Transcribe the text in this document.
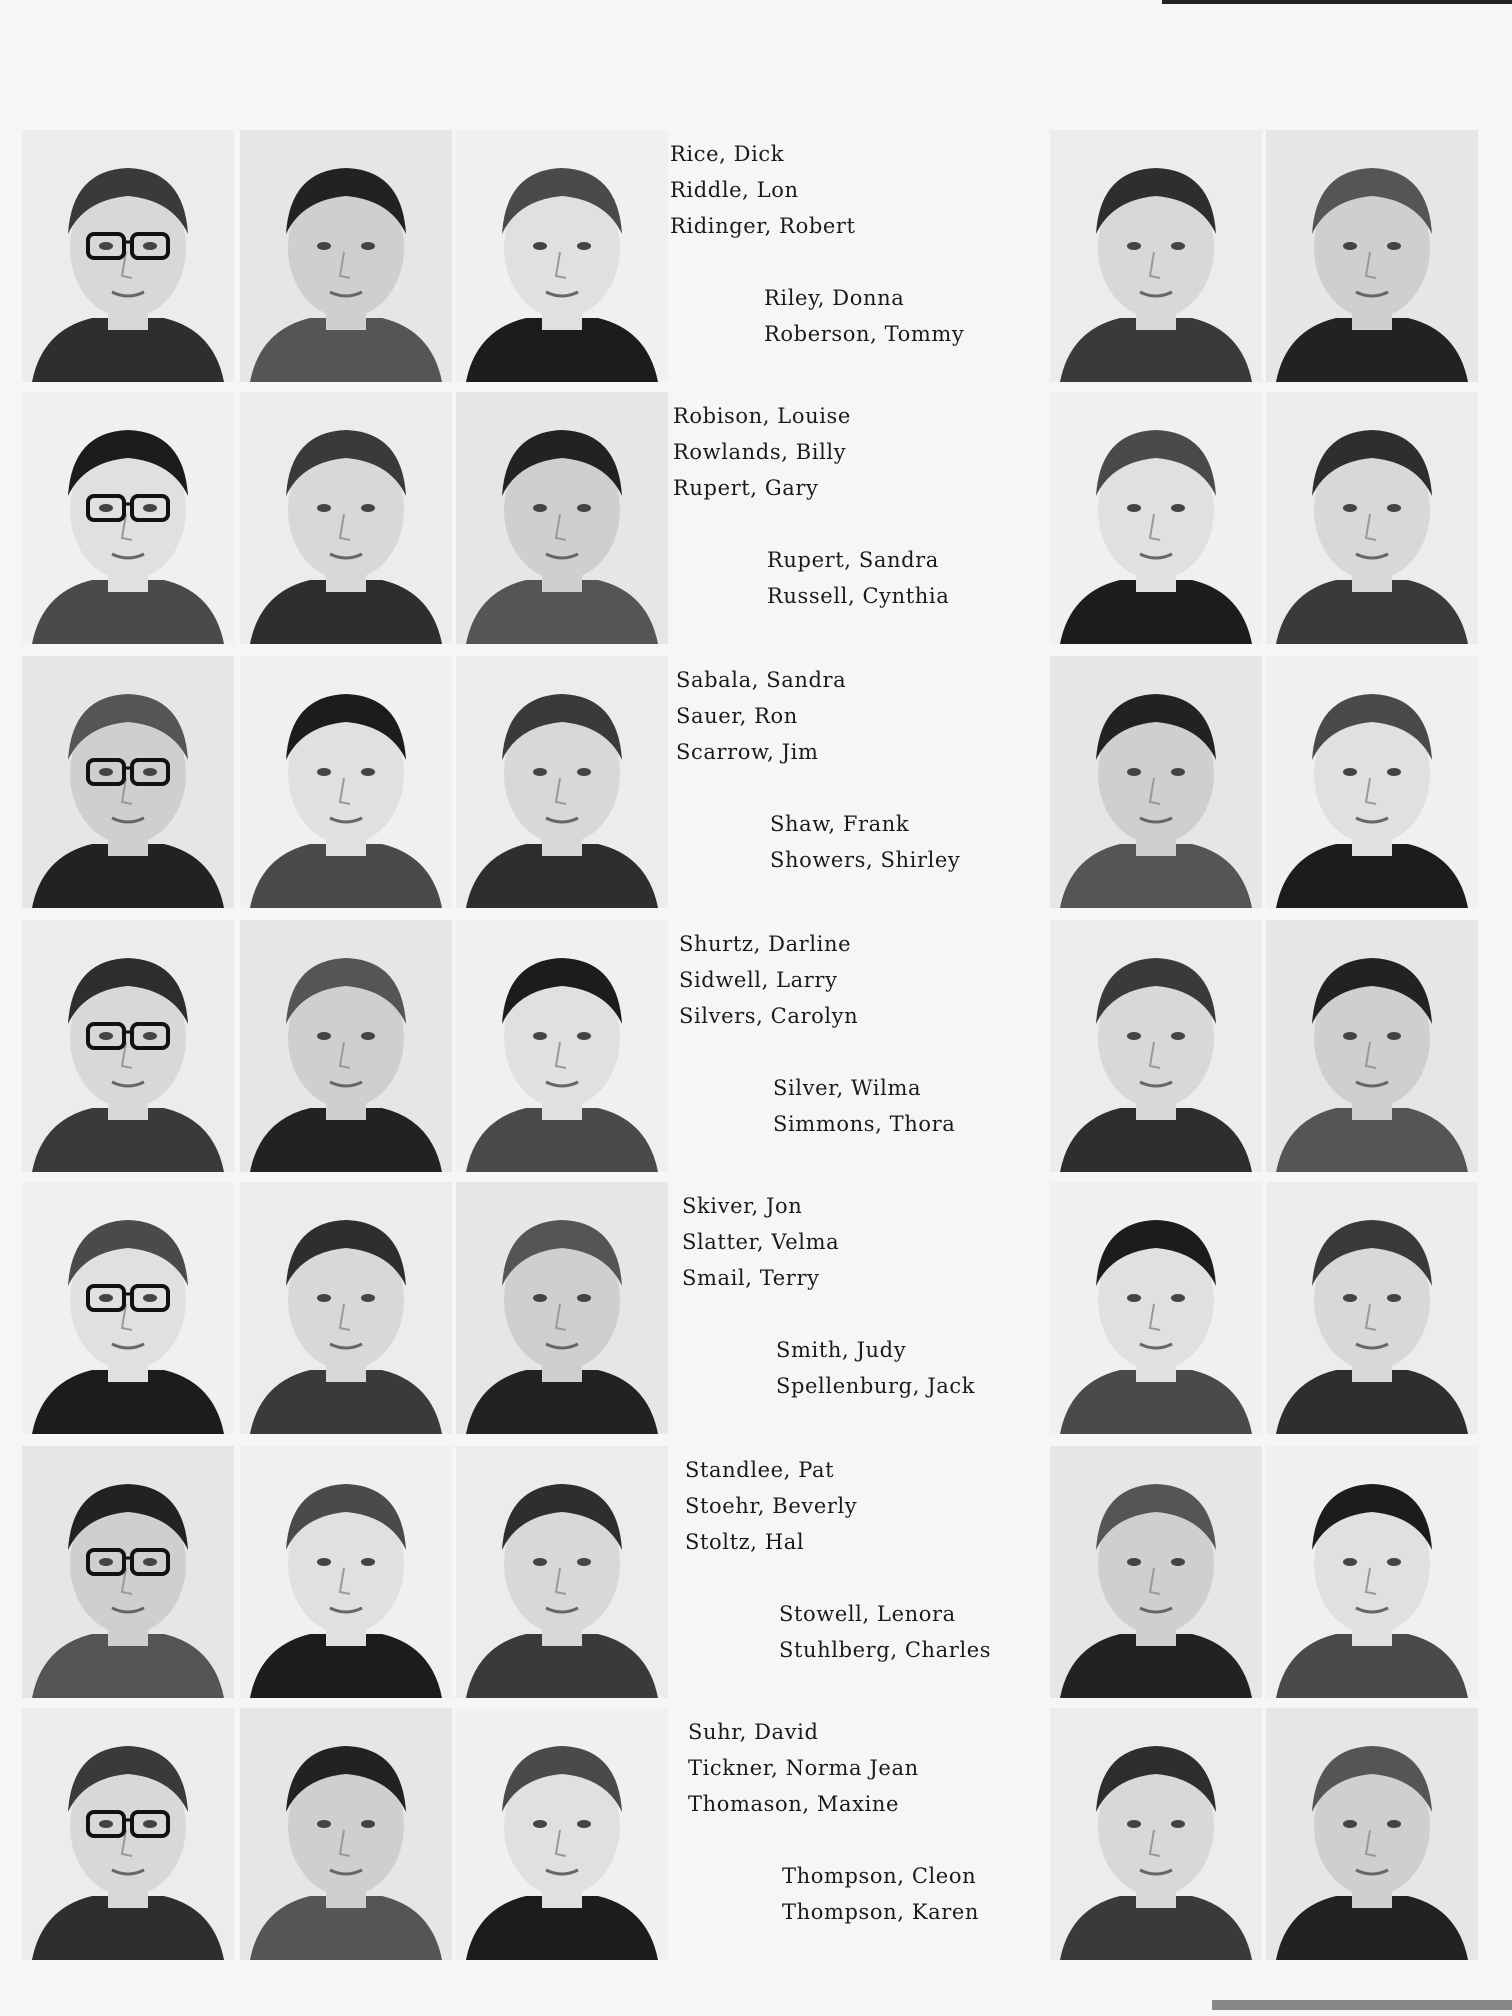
Rice, Dick
Riddle, Lon
Ridinger, Robert
Riley, Donna
Roberson, Tommy
Robison, Louise
Rowlands, Billy
Rupert, Gary
Rupert, Sandra
Russell, Cynthia
Sabala, Sandra
Sauer, Ron
Scarrow, Jim
Shaw, Frank
Showers, Shirley
Shurtz, Darline
Sidwell, Larry
Silvers, Carolyn
Silver, Wilma
Simmons, Thora
Skiver, Jon
Slatter, Velma
Smail, Terry
Smith, Judy
Spellenburg, Jack
Standlee, Pat
Stoehr, Beverly
Stoltz, Hal
Stowell, Lenora
Stuhlberg, Charles
Suhr, David
Tickner, Norma Jean
Thomason, Maxine
Thompson, Cleon
Thompson, Karen
